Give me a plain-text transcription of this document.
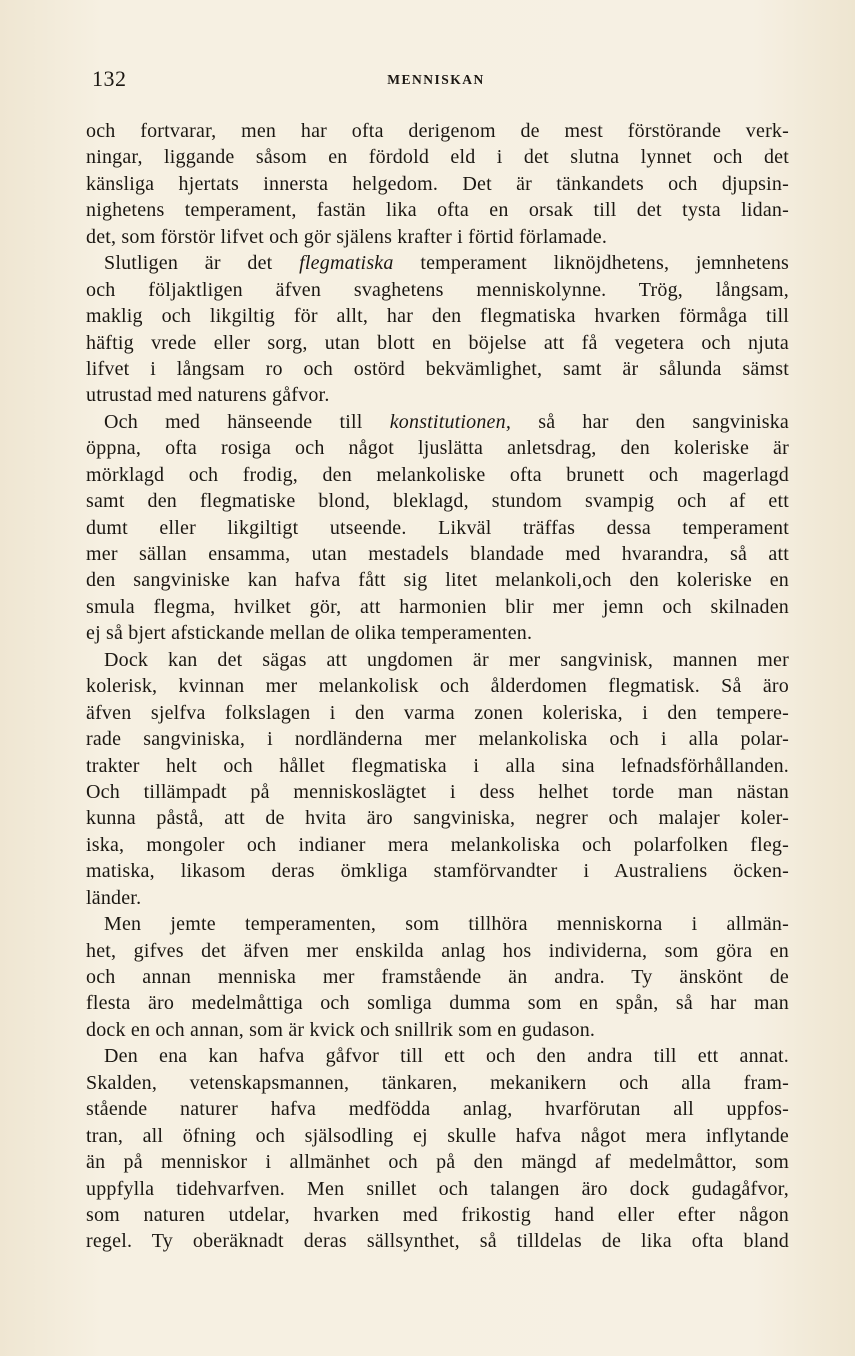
132	MENNISKAN
och fortvarar, men har ofta derigenom de mest förstörande verk-
ningar, liggande såsom en fördold eld i det slutna lynnet och det
känsliga hjertats innersta helgedom. Det är tänkandets och djupsin-
nighetens temperament, fastän lika ofta en orsak till det tysta lidan-
det, som förstör lifvet och gör själens krafter i förtid förlamade.
Slutligen är det flegmatiska temperament liknöjdhetens, jemnhetens
och följaktligen äfven svaghetens menniskolynne. Trög, långsam,
maklig och likgiltig för allt, har den flegmatiska hvarken förmåga till
häftig vrede eller sorg, utan blott en böjelse att få vegetera och njuta
lifvet i långsam ro och ostörd bekvämlighet, samt är sålunda sämst
utrustad med naturens gåfvor.
Och med hänseende till konstitutionen, så har den sangviniska
öppna, ofta rosiga och något ljuslätta anletsdrag, den koleriske är
mörklagd och frodig, den melankoliske ofta brunett och magerlagd
samt den flegmatiske blond, bleklagd, stundom svampig och af ett
dumt eller likgiltigt utseende. Likväl träffas dessa temperament
mer sällan ensamma, utan mestadels blandade med hvarandra, så att
den sangviniske kan hafva fått sig litet melankoli,och den koleriske en
smula flegma, hvilket gör, att harmonien blir mer jemn och skilnaden
ej så bjert afstickande mellan de olika temperamenten.
Dock kan det sägas att ungdomen är mer sangvinisk, mannen mer
kolerisk, kvinnan mer melankolisk och ålderdomen flegmatisk. Så äro
äfven sjelfva folkslagen i den varma zonen koleriska, i den tempere-
rade sangviniska, i nordländerna mer melankoliska och i alla polar-
trakter helt och hållet flegmatiska i alla sina lefnadsförhållanden.
Och tillämpadt på menniskoslägtet i dess helhet torde man nästan
kunna påstå, att de hvita äro sangviniska, negrer och malajer koler-
iska, mongoler och indianer mera melankoliska och polarfolken fleg-
matiska, likasom deras ömkliga stamförvandter i Australiens öcken-
länder.
Men jemte temperamenten, som tillhöra menniskorna i allmän-
het, gifves det äfven mer enskilda anlag hos individerna, som göra en
och annan menniska mer framstående än andra. Ty änskönt de
flesta äro medelmåttiga och somliga dumma som en spån, så har man
dock en och annan, som är kvick och snillrik som en gudason.
Den ena kan hafva gåfvor till ett och den andra till ett annat.
Skalden, vetenskapsmannen, tänkaren, mekanikern och alla fram-
stående naturer hafva medfödda anlag, hvarförutan all uppfos-
tran, all öfning och själsodling ej skulle hafva något mera inflytande
än på menniskor i allmänhet och på den mängd af medelmåttor, som
uppfylla tidehvarfven. Men snillet och talangen äro dock gudagåfvor,
som naturen utdelar, hvarken med frikostig hand eller efter någon
regel. Ty oberäknadt deras sällsynthet, så tilldelas de lika ofta bland
